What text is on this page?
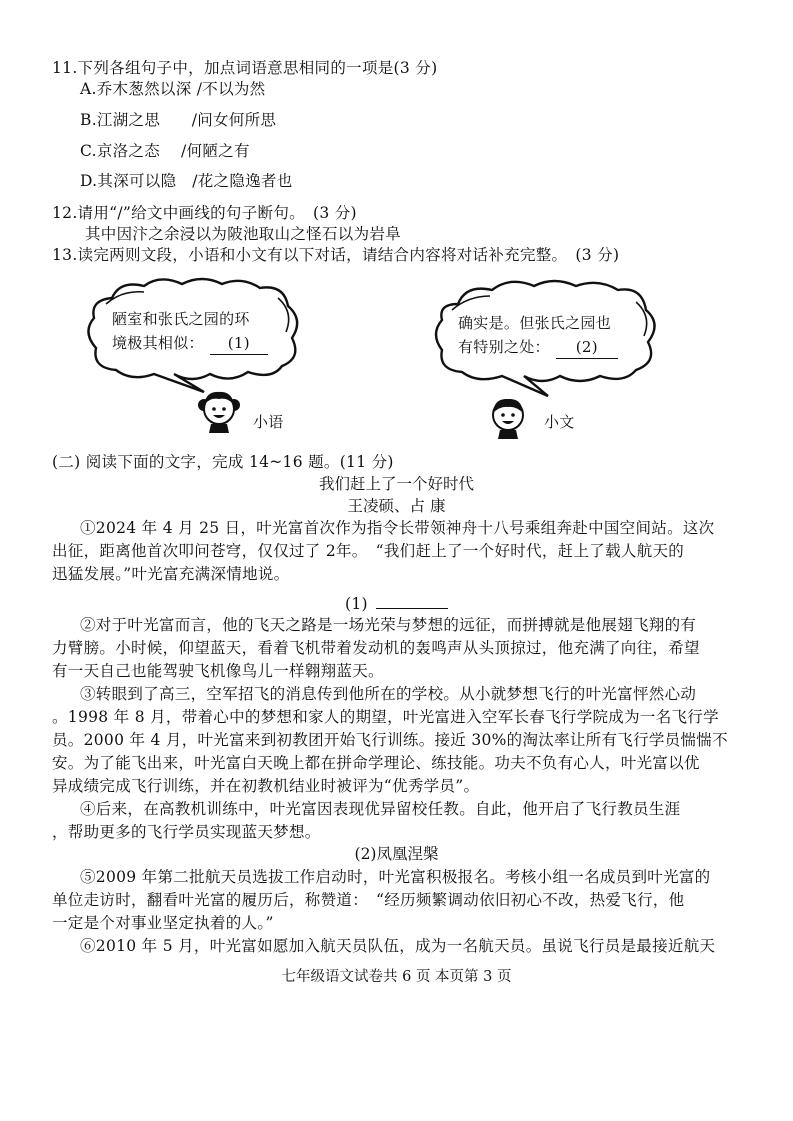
11.下列各组句子中，加点词语意思相同的一项是(3 分)
A.乔木葱然以深 /不以为然
B.江湖之思　　/问女何所思
C.京洛之态　 /何陋之有
D.其深可以隐　/花之隐逸者也
12.请用“/”给文中画线的句子断句。　(3 分)
其中因汴之余浸以为陂池取山之怪石以为岩阜
13.读完两则文段，小语和小文有以下对话，请结合内容将对话补充完整。　(3 分)
陋室和张氏之园的环
境极其相似： (1)
确实是。但张氏之园也
有特别之处： (2)
小语	小文
(二) 阅读下面的文字，完成 14~16 题。(11 分)
我们赶上了一个好时代
王凌硕、占 康
①2024 年 4 月 25 日，叶光富首次作为指令长带领神舟十八号乘组奔赴中国空间站。这次
出征，距离他首次叩问苍穹，仅仅过了 2年。　“我们赶上了一个好时代，赶上了载人航天的
迅猛发展。”叶光富充满深情地说。
(1)
②对于叶光富而言，他的飞天之路是一场光荣与梦想的远征，而拼搏就是他展翅飞翔的有
力臂膀。小时候，仰望蓝天，看着飞机带着发动机的轰鸣声从头顶掠过，他充满了向往，希望
有一天自己也能驾驶飞机像鸟儿一样翱翔蓝天。
③转眼到了高三，空军招飞的消息传到他所在的学校。从小就梦想飞行的叶光富怦然心动
。1998 年 8 月，带着心中的梦想和家人的期望，叶光富进入空军长春飞行学院成为一名飞行学
员。2000 年 4 月，叶光富来到初教团开始飞行训练。接近 30%的淘汰率让所有飞行学员惴惴不
安。为了能飞出来，叶光富白天晚上都在拼命学理论、练技能。功夫不负有心人，叶光富以优
异成绩完成飞行训练，并在初教机结业时被评为“优秀学员”。
④后来，在高教机训练中，叶光富因表现优异留校任教。自此，他开启了飞行教员生涯
，帮助更多的飞行学员实现蓝天梦想。
(2)凤凰涅槃
⑤2009 年第二批航天员选拔工作启动时，叶光富积极报名。考核小组一名成员到叶光富的
单位走访时，翻看叶光富的履历后，称赞道：　“经历频繁调动依旧初心不改，热爱飞行，他
一定是个对事业坚定执着的人。”
⑥2010 年 5 月，叶光富如愿加入航天员队伍，成为一名航天员。虽说飞行员是最接近航天
七年级语文试卷共 6 页 本页第 3 页
